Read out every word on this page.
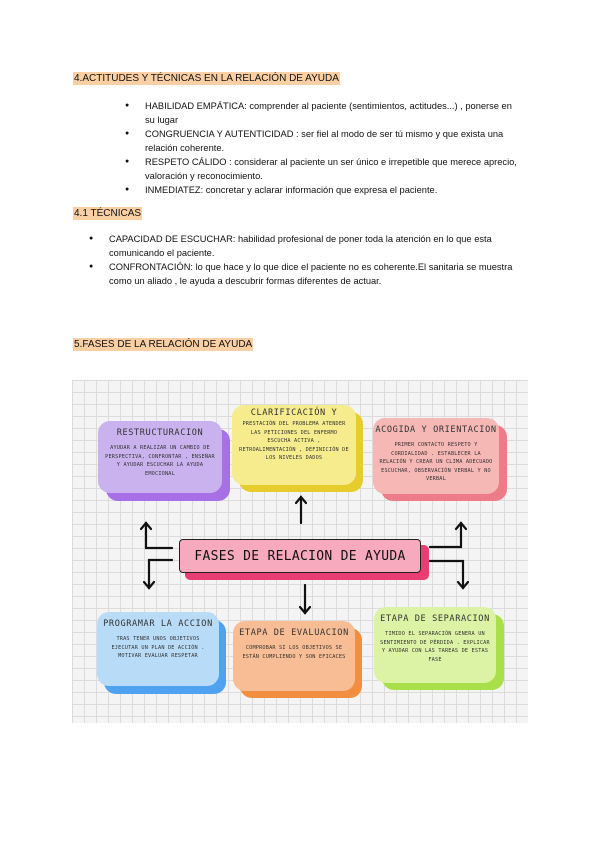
4.ACTITUDES Y TÉCNICAS EN LA RELACIÓN DE AYUDA
● HABILIDAD EMPÁTICA: comprender al paciente (sentimientos, actitudes...) , ponerse en su lugar
● CONGRUENCIA Y AUTENTICIDAD : ser fiel al modo de ser tú mismo y que exista una relación coherente.
● RESPETO CÁLIDO : considerar al paciente un ser único e irrepetible que merece aprecio, valoración y reconocimiento.
● INMEDIATEZ: concretar y aclarar información que expresa el paciente.
4.1 TÉCNICAS
● CAPACIDAD DE ESCUCHAR: habilidad profesional de poner toda la atención en lo que esta comunicando el paciente.
● CONFRONTACIÓN: lo que hace y lo que dice el paciente no es coherente.El sanitaria se muestra como un aliado , le ayuda a descubrir formas diferentes de actuar.
5.FASES DE LA RELACIÓN DE AYUDA
RESTRUCTURACION
AYUDAR A REALIZAR UN CAMBIO DE PERSPECTIVA, CONFRONTAR , ENSEÑAR Y AYUDAR ESCUCHAR LA AYUDA EMOCIONAL
CLARIFICACIÓN Y
PRESTACIÓN DEL PROBLEMA ATENDER LAS PETICIONES DEL ENFERMO ESCUCHA ACTIVA , RETROALIMENTACIÓN , DEFINICIÓN DE LOS NIVELES DADOS
ACOGIDA Y ORIENTACION
PRIMER CONTACTO RESPETO Y CORDIALIDAD . ESTABLECER LA RELACIÓN Y CREAR UN CLIMA ADECUADO ESCUCHAR, OBSERVACIÓN VERBAL Y NO VERBAL
FASES DE RELACION DE AYUDA
PROGRAMAR LA ACCION
TRAS TENER UNOS OBJETIVOS EJECUTAR UN PLAN DE ACCIÓN . MOTIVAR EVALUAR RESPETAR
ETAPA DE EVALUACION
COMPROBAR SI LOS OBJETIVOS SE ESTÁN CUMPLIENDO Y SON EFICACES
ETAPA DE SEPARACION
TIMIDO EL SEPARACIÓN GENERA UN SENTIMIENTO DE PÉRDIDA . EXPLICAR Y AYUDAR CON LAS TAREAS DE ESTAS FASE
